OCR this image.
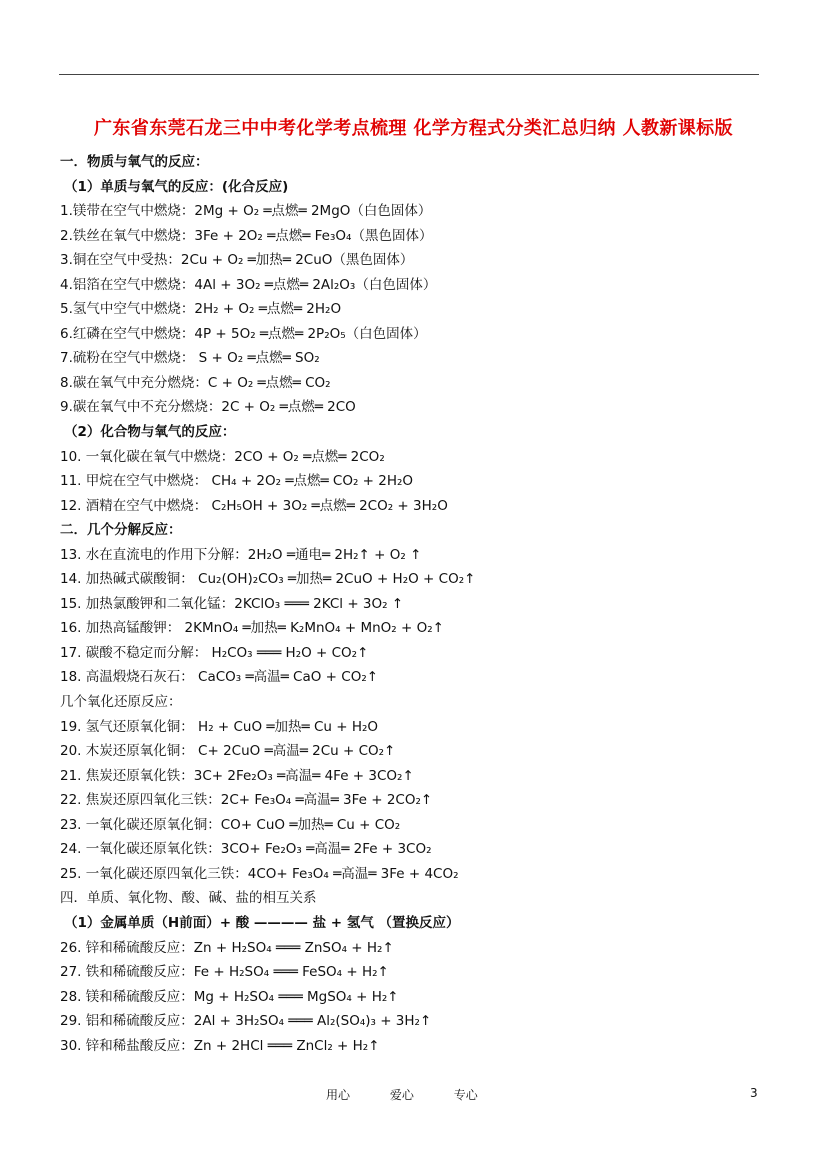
广东省东莞石龙三中中考化学考点梳理 化学方程式分类汇总归纳 人教新课标版
一．物质与氧气的反应：
（1）单质与氧气的反应：(化合反应)
1.镁带在空气中燃烧：2Mg + O₂ ═点燃═ 2MgO（白色固体）
2.铁丝在氧气中燃烧：3Fe + 2O₂ ═点燃═ Fe₃O₄（黑色固体）
3.铜在空气中受热：2Cu + O₂ ═加热═ 2CuO（黑色固体）
4.铝箔在空气中燃烧：4Al + 3O₂ ═点燃═ 2Al₂O₃（白色固体）
5.氢气中空气中燃烧：2H₂ + O₂ ═点燃═ 2H₂O
6.红磷在空气中燃烧：4P + 5O₂ ═点燃═ 2P₂O₅（白色固体）
7.硫粉在空气中燃烧： S + O₂ ═点燃═ SO₂
8.碳在氧气中充分燃烧：C + O₂ ═点燃═ CO₂
9.碳在氧气中不充分燃烧：2C + O₂ ═点燃═ 2CO
（2）化合物与氧气的反应：
10. 一氧化碳在氧气中燃烧：2CO + O₂ ═点燃═ 2CO₂
11. 甲烷在空气中燃烧： CH₄ + 2O₂ ═点燃═ CO₂ + 2H₂O
12. 酒精在空气中燃烧： C₂H₅OH + 3O₂ ═点燃═ 2CO₂ + 3H₂O
二．几个分解反应：
13. 水在直流电的作用下分解：2H₂O ═通电═ 2H₂↑ + O₂ ↑
14. 加热碱式碳酸铜： Cu₂(OH)₂CO₃ ═加热═ 2CuO + H₂O + CO₂↑
15. 加热氯酸钾和二氧化锰：2KClO₃ ═══ 2KCl + 3O₂ ↑
16. 加热高锰酸钾： 2KMnO₄ ═加热═ K₂MnO₄ + MnO₂ + O₂↑
17. 碳酸不稳定而分解： H₂CO₃ ═══ H₂O + CO₂↑
18. 高温煅烧石灰石： CaCO₃ ═高温═ CaO + CO₂↑
几个氧化还原反应：
19. 氢气还原氧化铜： H₂ + CuO ═加热═ Cu + H₂O
20. 木炭还原氧化铜： C+ 2CuO ═高温═ 2Cu + CO₂↑
21. 焦炭还原氧化铁：3C+ 2Fe₂O₃ ═高温═ 4Fe + 3CO₂↑
22. 焦炭还原四氧化三铁：2C+ Fe₃O₄ ═高温═ 3Fe + 2CO₂↑
23. 一氧化碳还原氧化铜：CO+ CuO ═加热═ Cu + CO₂
24. 一氧化碳还原氧化铁：3CO+ Fe₂O₃ ═高温═ 2Fe + 3CO₂
25. 一氧化碳还原四氧化三铁：4CO+ Fe₃O₄ ═高温═ 3Fe + 4CO₂
四．单质、氧化物、酸、碱、盐的相互关系
（1）金属单质（H前面）+ 酸 ———— 盐 + 氢气 （置换反应）
26. 锌和稀硫酸反应：Zn + H₂SO₄ ═══ ZnSO₄ + H₂↑
27. 铁和稀硫酸反应：Fe + H₂SO₄ ═══ FeSO₄ + H₂↑
28. 镁和稀硫酸反应：Mg + H₂SO₄ ═══ MgSO₄ + H₂↑
29. 铝和稀硫酸反应：2Al + 3H₂SO₄ ═══ Al₂(SO₄)₃ + 3H₂↑
30. 锌和稀盐酸反应：Zn + 2HCl ═══ ZnCl₂ + H₂↑
用心	爱心	专心	3
